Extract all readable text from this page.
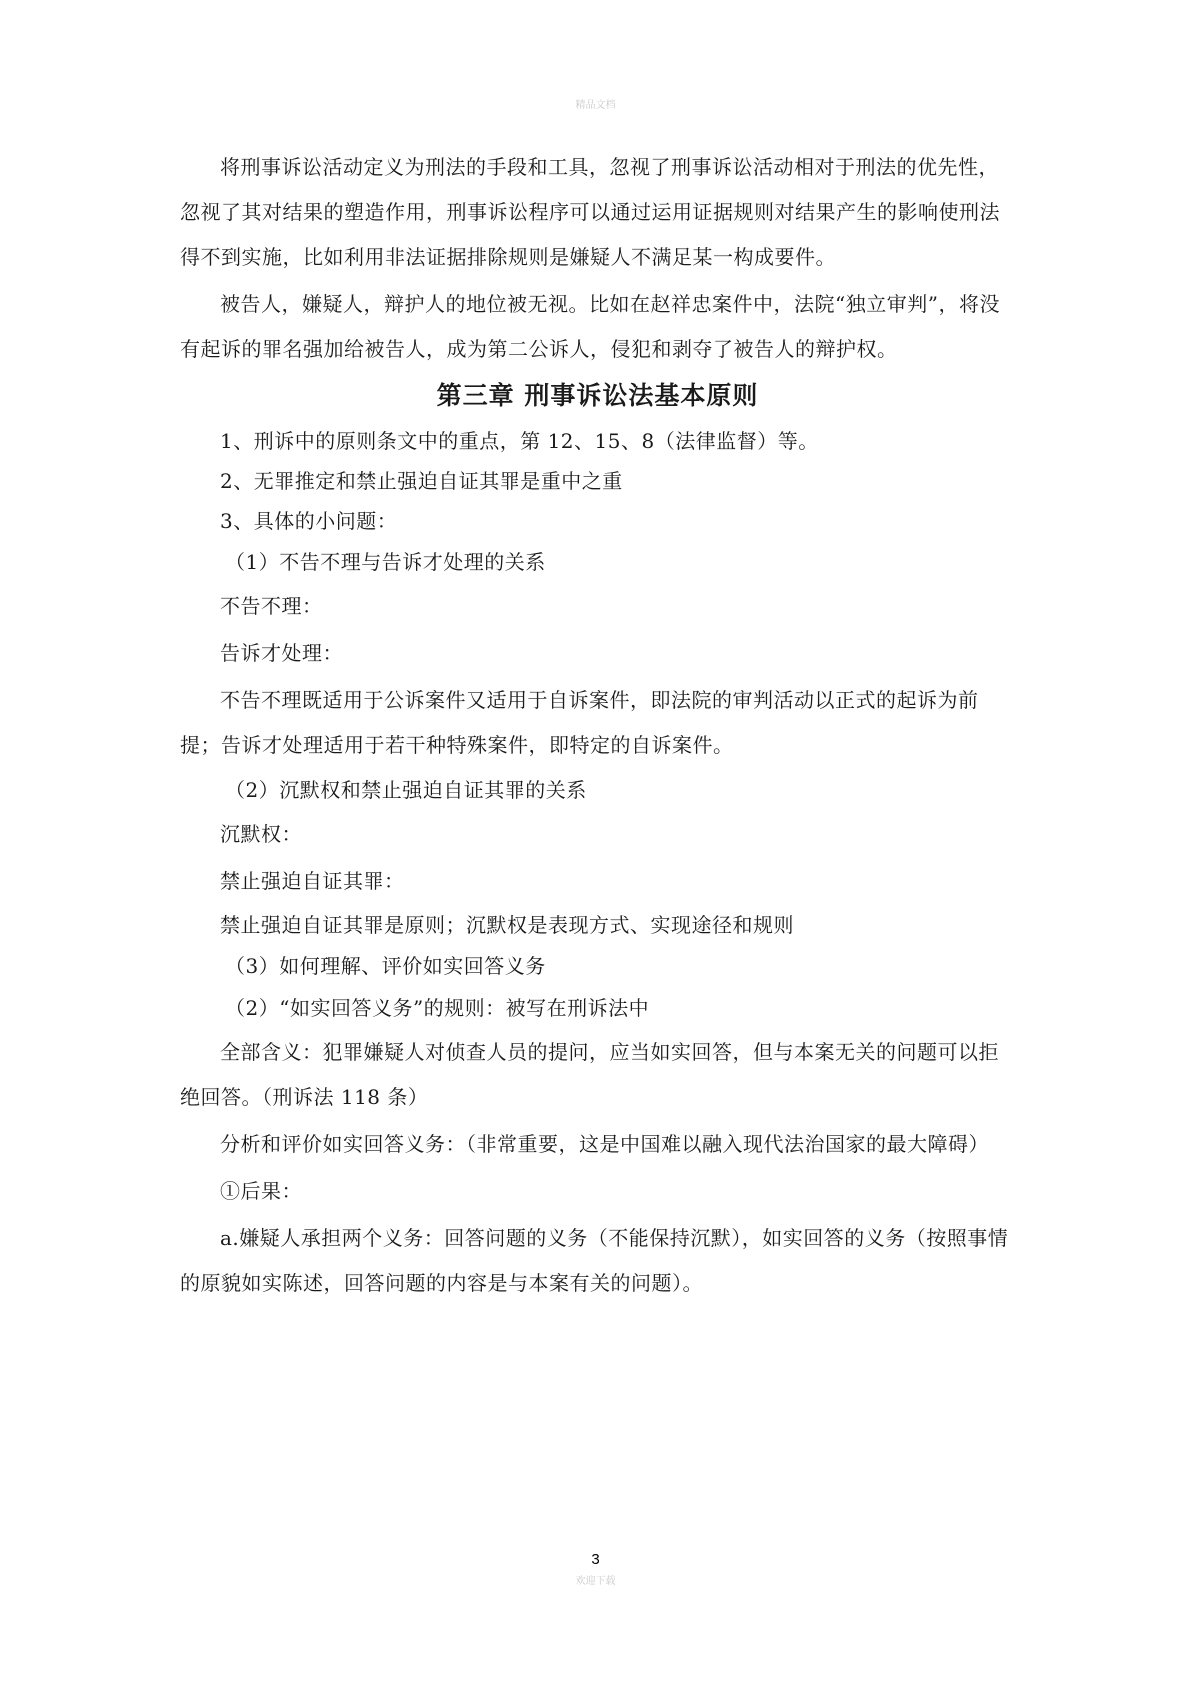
精品文档

将刑事诉讼活动定义为刑法的手段和工具，忽视了刑事诉讼活动相对于刑法的优先性，忽视了其对结果的塑造作用，刑事诉讼程序可以通过运用证据规则对结果产生的影响使刑法得不到实施，比如利用非法证据排除规则是嫌疑人不满足某一构成要件。

被告人，嫌疑人，辩护人的地位被无视。比如在赵祥忠案件中，法院“独立审判”，将没有起诉的罪名强加给被告人，成为第二公诉人，侵犯和剥夺了被告人的辩护权。

第三章 刑事诉讼法基本原则

1、刑诉中的原则条文中的重点，第 12、15、8（法律监督）等。

2、无罪推定和禁止强迫自证其罪是重中之重

3、具体的小问题：

（1）不告不理与告诉才处理的关系

不告不理：

告诉才处理：

不告不理既适用于公诉案件又适用于自诉案件，即法院的审判活动以正式的起诉为前提；告诉才处理适用于若干种特殊案件，即特定的自诉案件。

（2）沉默权和禁止强迫自证其罪的关系

沉默权：

禁止强迫自证其罪：

禁止强迫自证其罪是原则；沉默权是表现方式、实现途径和规则

（3）如何理解、评价如实回答义务

（2）“如实回答义务”的规则：被写在刑诉法中

全部含义：犯罪嫌疑人对侦查人员的提问，应当如实回答，但与本案无关的问题可以拒绝回答。（刑诉法 118 条）

分析和评价如实回答义务：（非常重要，这是中国难以融入现代法治国家的最大障碍）

①后果：

a.嫌疑人承担两个义务：回答问题的义务（不能保持沉默），如实回答的义务（按照事情的原貌如实陈述，回答问题的内容是与本案有关的问题）。

3
欢迎下载
